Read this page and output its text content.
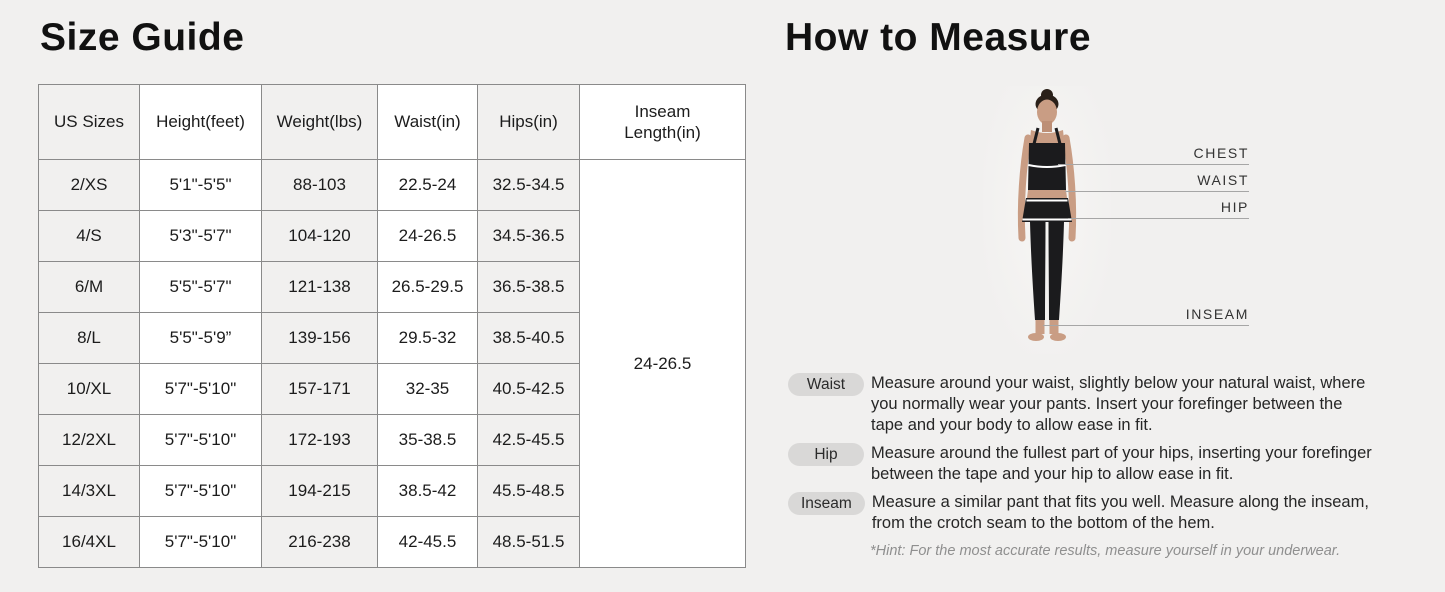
Size Guide
US Sizes	Height(feet)	Weight(lbs)	Waist(in)	Hips(in)	Inseam Length(in)

2/XS	5'1"-5'5"	88-103	22.5-24	32.5-34.5	24-26.5
4/S	5'3"-5'7"	104-120	24-26.5	34.5-36.5	
6/M	5'5"-5'7"	121-138	26.5-29.5	36.5-38.5	
8/L	5'5"-5'9”	139-156	29.5-32	38.5-40.5	
10/XL	5'7"-5'10"	157-171	32-35	40.5-42.5	
12/2XL	5'7"-5'10"	172-193	35-38.5	42.5-45.5	
14/3XL	5'7"-5'10"	194-215	38.5-42	45.5-48.5	
16/4XL	5'7"-5'10"	216-238	42-45.5	48.5-51.5	
How to Measure
CHEST
WAIST
HIP
INSEAM
Waist	Measure around your waist, slightly below your natural waist, where
you normally wear your pants. Insert your forefinger between the
tape and your body to allow ease in fit.
Hip	Measure around the fullest part of your hips, inserting your forefinger
between the tape and your hip to allow ease in fit.
Inseam	Measure a similar pant that fits you well. Measure along the inseam,
from the crotch seam to the bottom of the hem.

*Hint: For the most accurate results, measure yourself in your underwear.
